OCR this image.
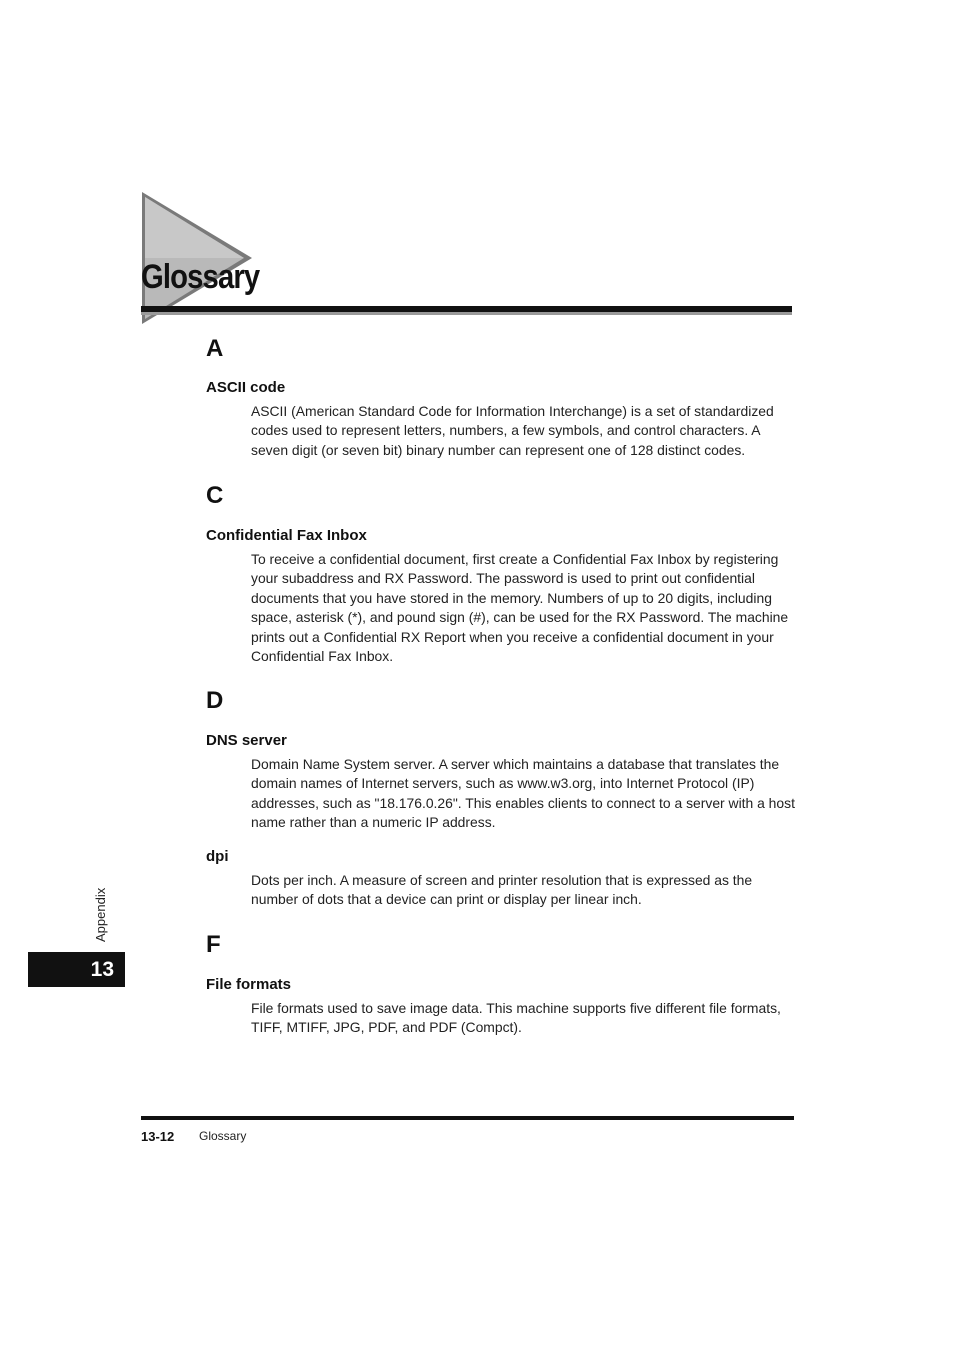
Glossary
A
ASCII code

ASCII (American Standard Code for Information Interchange) is a set of standardized codes used to represent letters, numbers, a few symbols, and control characters. A seven digit (or seven bit) binary number can represent one of 128 distinct codes.

C
Confidential Fax Inbox

To receive a confidential document, first create a Confidential Fax Inbox by registering your subaddress and RX Password. The password is used to print out confidential documents that you have stored in the memory. Numbers of up to 20 digits, including space, asterisk (*), and pound sign (#), can be used for the RX Password. The machine prints out a Confidential RX Report when you receive a confidential document in your Confidential Fax Inbox.

D
DNS server

Domain Name System server. A server which maintains a database that translates the domain names of Internet servers, such as www.w3.org, into Internet Protocol (IP) addresses, such as "18.176.0.26". This enables clients to connect to a server with a host name rather than a numeric IP address.

dpi

Dots per inch. A measure of screen and printer resolution that is expressed as the number of dots that a device can print or display per linear inch.

F
File formats

File formats used to save image data. This machine supports five different file formats, TIFF, MTIFF, JPG, PDF, and PDF (Compct).

Appendix
13
13-12 Glossary
